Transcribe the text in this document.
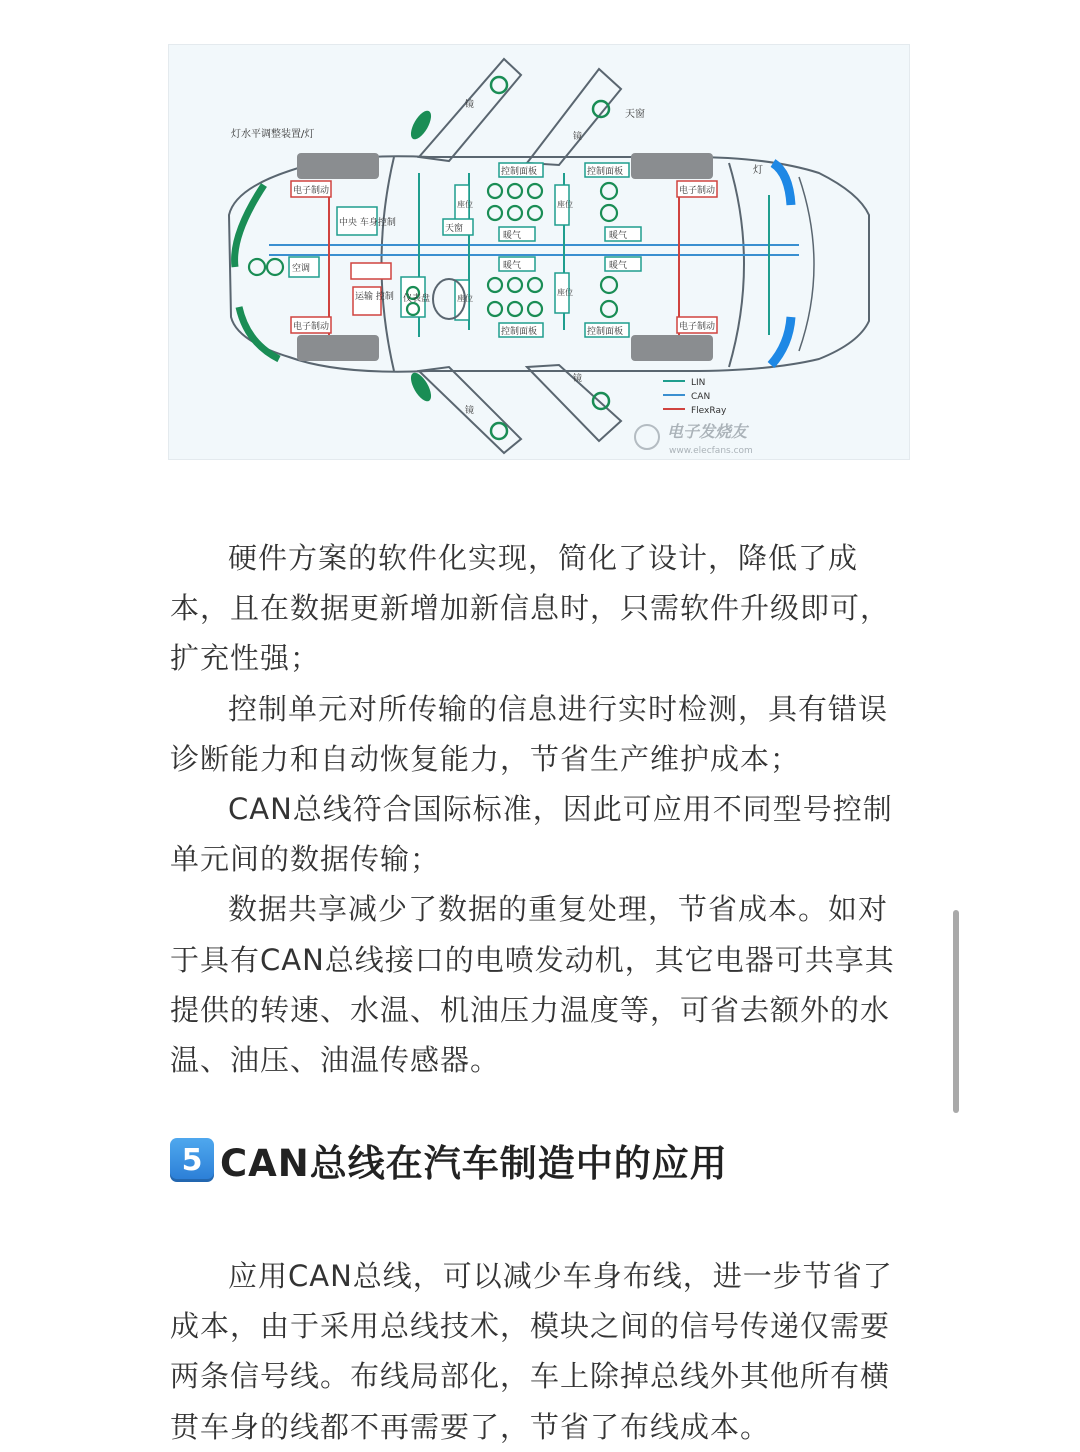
灯水平调整装置/灯
天窗
灯
电子制动
电子制动
电子制动
电子制动
中央 车身控制
空调
天窗
暖气	暖气
暖气	暖气
控制面板	控制面板
控制面板	控制面板
运输 控制 仪表盘
座位	座位
座位
座位
镜
镜
镜
镜	LIN
CAN
FlexRay
电子发烧友
www.elecfans.com

硬件方案的软件化实现，简化了设计，降低了成本，且在数据更新增加新信息时，只需软件升级即可，扩充性强；

控制单元对所传输的信息进行实时检测，具有错误诊断能力和自动恢复能力，节省生产维护成本；

CAN总线符合国际标准，因此可应用不同型号控制单元间的数据传输；

数据共享减少了数据的重复处理，节省成本。如对于具有CAN总线接口的电喷发动机，其它电器可共享其提供的转速、水温、机油压力温度等，可省去额外的水温、油压、油温传感器。

5 CAN总线在汽车制造中的应用

应用CAN总线，可以减少车身布线，进一步节省了成本，由于采用总线技术，模块之间的信号传递仅需要两条信号线。布线局部化，车上除掉总线外其他所有横贯车身的线都不再需要了，节省了布线成本。
